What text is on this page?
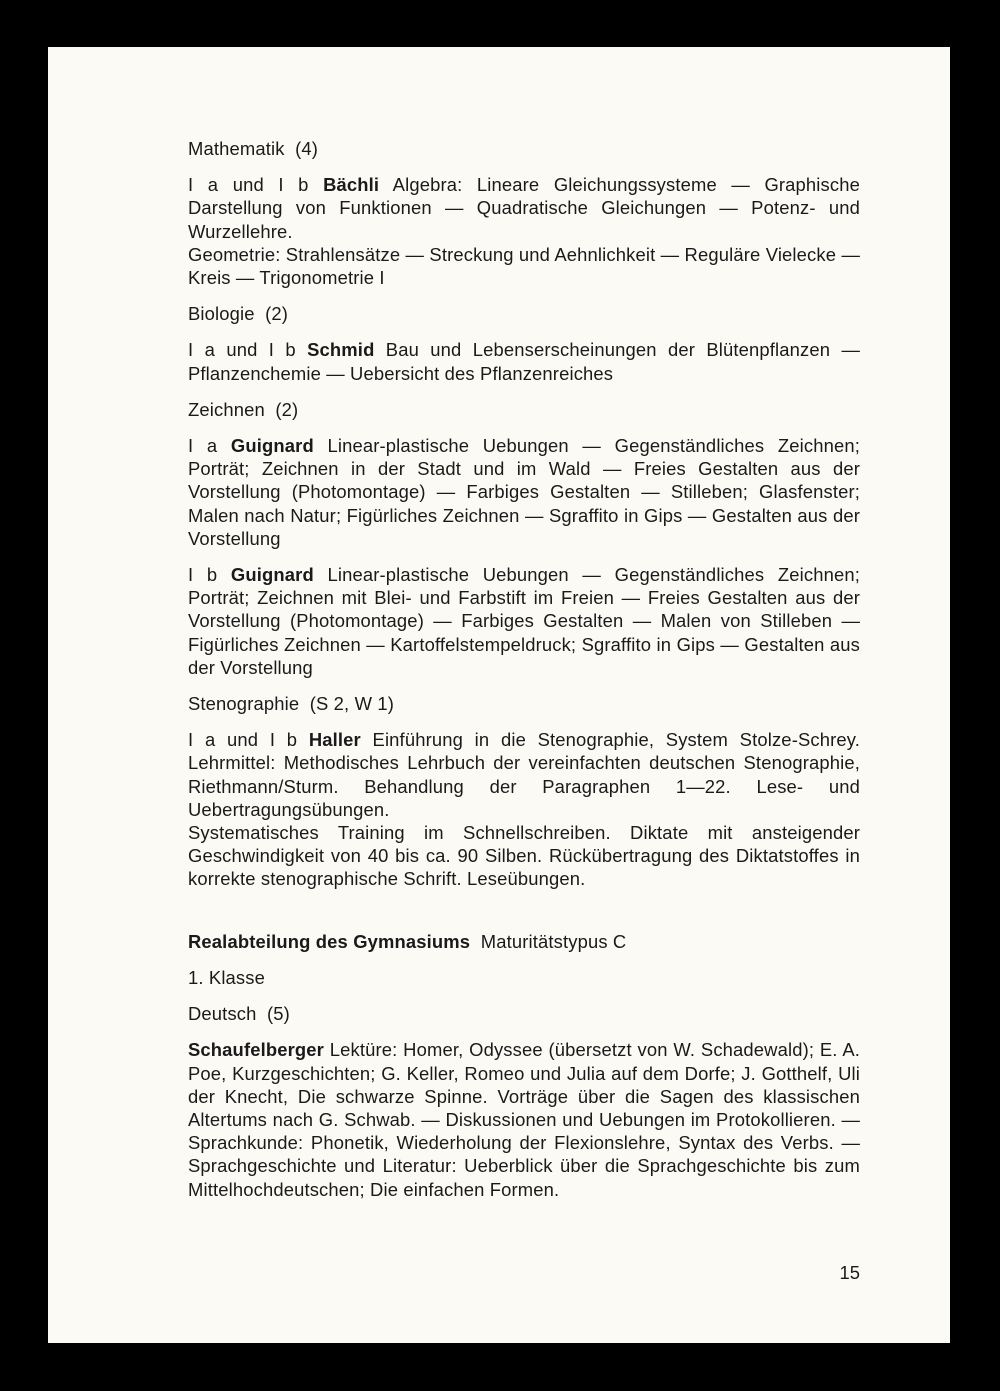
Mathematik  (4)

I a und I b Bächli Algebra: Lineare Gleichungssysteme — Graphische Darstellung von Funktionen — Quadratische Gleichungen — Potenz- und Wurzellehre.

Geometrie: Strahlensätze — Streckung und Aehnlichkeit — Reguläre Vielecke — Kreis — Trigonometrie I

Biologie  (2)

I a und I b Schmid Bau und Lebenserscheinungen der Blütenpflanzen — Pflanzenchemie — Uebersicht des Pflanzenreiches

Zeichnen  (2)

I a Guignard Linear-plastische Uebungen — Gegenständliches Zeichnen; Porträt; Zeichnen in der Stadt und im Wald — Freies Gestalten aus der Vorstellung (Photomontage) — Farbiges Gestalten — Stilleben; Glasfenster; Malen nach Natur; Figürliches Zeichnen — Sgraffito in Gips — Gestalten aus der Vorstellung

I b Guignard Linear-plastische Uebungen — Gegenständliches Zeichnen; Porträt; Zeichnen mit Blei- und Farbstift im Freien — Freies Gestalten aus der Vorstellung (Photomontage) — Farbiges Gestalten — Malen von Stilleben — Figürliches Zeichnen — Kartoffelstempeldruck; Sgraffito in Gips — Gestalten aus der Vorstellung

Stenographie  (S 2, W 1)

I a und I b Haller Einführung in die Stenographie, System Stolze-Schrey. Lehrmittel: Methodisches Lehrbuch der vereinfachten deutschen Stenographie, Riethmann/Sturm. Behandlung der Paragraphen 1—22. Lese- und Uebertragungsübungen.

Systematisches Training im Schnellschreiben. Diktate mit ansteigender Geschwindigkeit von 40 bis ca. 90 Silben. Rückübertragung des Diktatstoffes in korrekte stenographische Schrift. Leseübungen.

Realabteilung des Gymnasiums  Maturitätstypus C

1. Klasse

Deutsch  (5)

Schaufelberger Lektüre: Homer, Odyssee (übersetzt von W. Schadewald); E. A. Poe, Kurzgeschichten; G. Keller, Romeo und Julia auf dem Dorfe; J. Gotthelf, Uli der Knecht, Die schwarze Spinne. Vorträge über die Sagen des klassischen Altertums nach G. Schwab. — Diskussionen und Uebungen im Protokollieren. — Sprachkunde: Phonetik, Wiederholung der Flexionslehre, Syntax des Verbs. — Sprachgeschichte und Literatur: Ueberblick über die Sprachgeschichte bis zum Mittelhochdeutschen; Die einfachen Formen.

15
